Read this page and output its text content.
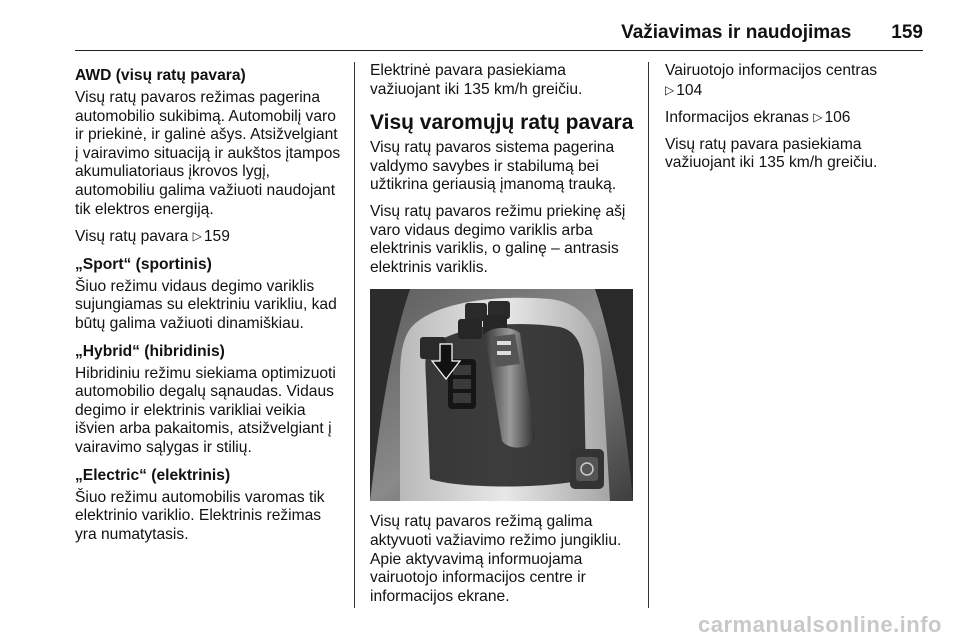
Važiavimas ir naudojimas 159
AWD (visų ratų pavara)

Visų ratų pavaros režimas pagerina automobilio sukibimą. Automobilį varo ir priekinė, ir galinė ašys. Atsižvelgiant į vairavimo situaciją ir aukštos įtampos akumuliatoriaus įkrovos lygį, automobiliu galima važiuoti naudojant tik elektros energiją.

Visų ratų pavara ▷ 159

„Sport“ (sportinis)

Šiuo režimu vidaus degimo variklis sujungiamas su elektriniu varikliu, kad būtų galima važiuoti dinamiškiau.

„Hybrid“ (hibridinis)

Hibridiniu režimu siekiama optimizuoti automobilio degalų sąnaudas. Vidaus degimo ir elektrinis varikliai veikia išvien arba pakaitomis, atsižvelgiant į vairavimo sąlygas ir stilių.

„Electric“ (elektrinis)

Šiuo režimu automobilis varomas tik elektrinio variklio. Elektrinis režimas yra numatytasis.

Elektrinė pavara pasiekiama važiuojant iki 135 km/h greičiu.

Visų varomųjų ratų pavara

Visų ratų pavaros sistema pagerina valdymo savybes ir stabilumą bei užtikrina geriausią įmanomą trauką.

Visų ratų pavaros režimu priekinę ašį varo vidaus degimo variklis arba elektrinis variklis, o galinę – antrasis elektrinis variklis.

Visų ratų pavaros režimą galima aktyvuoti važiavimo režimo jungikliu. Apie aktyvavimą informuojama vairuotojo informacijos centre ir informacijos ekrane.

Vairuotojo informacijos centras
▷ 104

Informacijos ekranas ▷ 106

Visų ratų pavara pasiekiama važiuojant iki 135 km/h greičiu.

carmanualsonline.info
